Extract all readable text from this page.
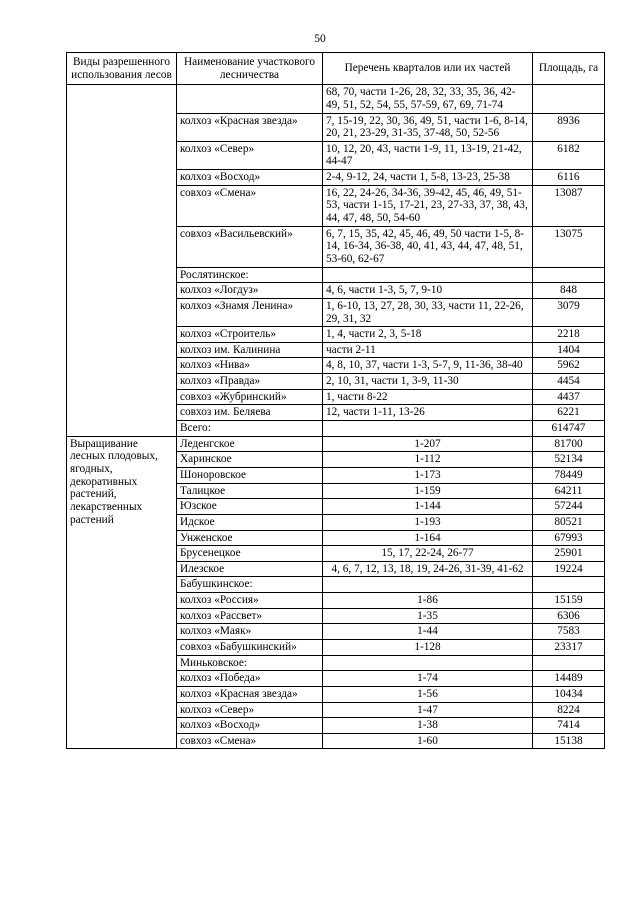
50
Виды разрешенного использования лесов	Наименование участкового лесничества	Перечень кварталов или их частей	Площадь, га
		68, 70, части 1-26, 28, 32, 33, 35, 36, 42-49, 51, 52, 54, 55, 57-59, 67, 69, 71-74	
	колхоз «Красная звезда»	7, 15-19, 22, 30, 36, 49, 51, части 1-6, 8-14, 20, 21, 23-29, 31-35, 37-48, 50, 52-56	8936
	колхоз «Север»	10, 12, 20, 43, части 1-9, 11, 13-19, 21-42, 44-47	6182
	колхоз «Восход»	2-4, 9-12, 24, части 1, 5-8, 13-23, 25-38	6116
	совхоз «Смена»	16, 22, 24-26, 34-36, 39-42, 45, 46, 49, 51-53, части 1-15, 17-21, 23, 27-33, 37, 38, 43, 44, 47, 48, 50, 54-60	13087
	совхоз «Васильевский»	6, 7, 15, 35, 42, 45, 46, 49, 50 части 1-5, 8-14, 16-34, 36-38, 40, 41, 43, 44, 47, 48, 51, 53-60, 62-67	13075
	Рослятинское:		
	колхоз «Логдуз»	4, 6, части 1-3, 5, 7, 9-10	848
	колхоз «Знамя Ленина»	1, 6-10, 13, 27, 28, 30, 33, части 11, 22-26, 29, 31, 32	3079
	колхоз «Строитель»	1, 4, части 2, 3, 5-18	2218
	колхоз им. Калинина	части 2-11	1404
	колхоз «Нива»	4, 8, 10, 37, части 1-3, 5-7, 9, 11-36, 38-40	5962
	колхоз «Правда»	2, 10, 31, части 1, 3-9, 11-30	4454
	совхоз «Жубринский»	1, части 8-22	4437
	совхоз им. Беляева	12, части 1-11, 13-26	6221
	Всего:		614747
Выращивание лесных плодовых, ягодных, декоративных растений, лекарственных растений	Леденгское	1-207	81700
	Харинское	1-112	52134
	Шоноровское	1-173	78449
	Талицкое	1-159	64211
	Юзское	1-144	57244
	Идское	1-193	80521
	Унженское	1-164	67993
	Брусенецкое	15, 17, 22-24, 26-77	25901
	Илезское	4, 6, 7, 12, 13, 18, 19, 24-26, 31-39, 41-62	19224
	Бабушкинское:		
	колхоз «Россия»	1-86	15159
	колхоз «Рассвет»	1-35	6306
	колхоз «Маяк»	1-44	7583
	совхоз «Бабушкинский»	1-128	23317
	Миньковское:		
	колхоз «Победа»	1-74	14489
	колхоз «Красная звезда»	1-56	10434
	колхоз «Север»	1-47	8224
	колхоз «Восход»	1-38	7414
	совхоз «Смена»	1-60	15138
